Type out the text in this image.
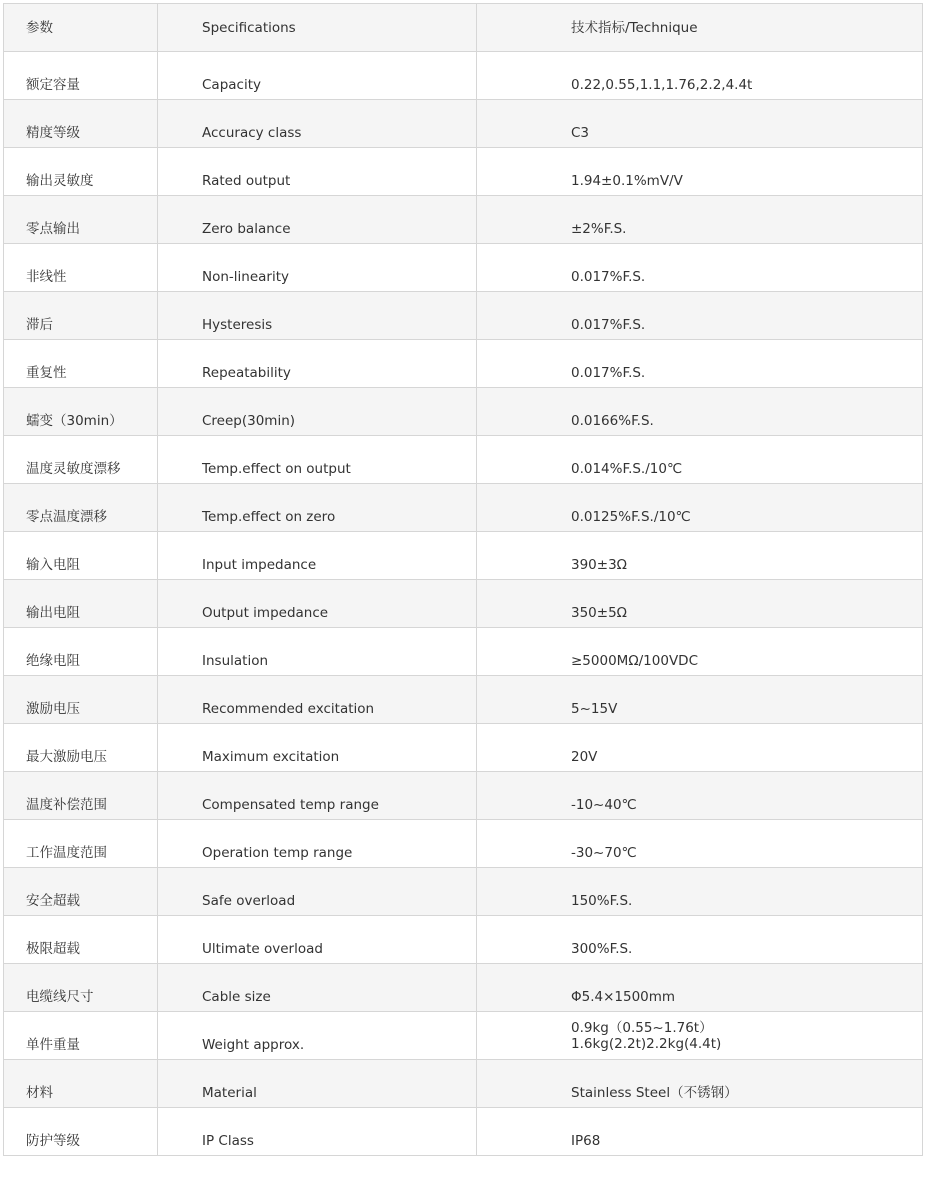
参数	Specifications	技术指标/Technique
额定容量	Capacity	0.22,0.55,1.1,1.76,2.2,4.4t
精度等级	Accuracy class	C3
输出灵敏度	Rated output	1.94±0.1%mV/V
零点输出	Zero balance	±2%F.S.
非线性	Non-linearity	0.017%F.S.
滞后	Hysteresis	0.017%F.S.
重复性	Repeatability	0.017%F.S.
蠕变（30min）	Creep(30min)	0.0166%F.S.
温度灵敏度漂移	Temp.effect on output	0.014%F.S./10℃
零点温度漂移	Temp.effect on zero	0.0125%F.S./10℃
输入电阻	Input impedance	390±3Ω
输出电阻	Output impedance	350±5Ω
绝缘电阻	Insulation	≥5000MΩ/100VDC
激励电压	Recommended excitation	5~15V
最大激励电压	Maximum excitation	20V
温度补偿范围	Compensated temp range	-10~40℃
工作温度范围	Operation temp range	-30~70℃
安全超载	Safe overload	150%F.S.
极限超载	Ultimate overload	300%F.S.
电缆线尺寸	Cable size	Φ5.4×1500mm
单件重量	Weight approx.	0.9kg（0.55~1.76t）
1.6kg(2.2t)2.2kg(4.4t)

材料	Material	Stainless Steel（不锈钢）
防护等级	IP Class	IP68
